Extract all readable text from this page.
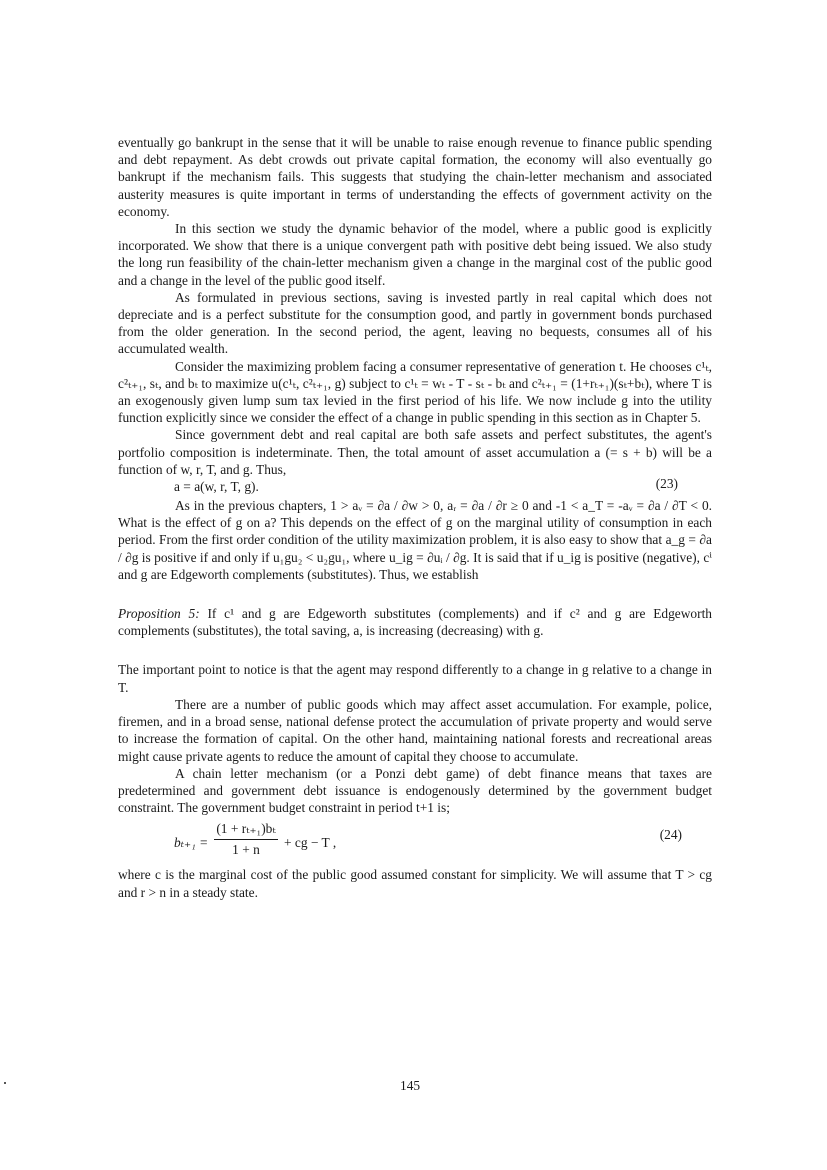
eventually go bankrupt in the sense that it will be unable to raise enough revenue to finance public spending and debt repayment. As debt crowds out private capital formation, the economy will also eventually go bankrupt if the mechanism fails. This suggests that studying the chain-letter mechanism and associated austerity measures is quite important in terms of understanding the effects of government activity on the economy.

In this section we study the dynamic behavior of the model, where a public good is explicitly incorporated. We show that there is a unique convergent path with positive debt being issued. We also study the long run feasibility of the chain-letter mechanism given a change in the marginal cost of the public good and a change in the level of the public good itself.

As formulated in previous sections, saving is invested partly in real capital which does not depreciate and is a perfect substitute for the consumption good, and partly in government bonds purchased from the older generation. In the second period, the agent, leaving no bequests, consumes all of his accumulated wealth.

Consider the maximizing problem facing a consumer representative of generation t. He chooses c¹ₜ, c²ₜ₊₁, sₜ, and bₜ to maximize u(c¹ₜ, c²ₜ₊₁, g) subject to c¹ₜ = wₜ - T - sₜ - bₜ and c²ₜ₊₁ = (1+rₜ₊₁)(sₜ+bₜ), where T is an exogenously given lump sum tax levied in the first period of his life. We now include g into the utility function explicitly since we consider the effect of a change in public spending in this section as in Chapter 5.

Since government debt and real capital are both safe assets and perfect substitutes, the agent's portfolio composition is indeterminate. Then, the total amount of asset accumulation a (= s + b) will be a function of w, r, T, and g. Thus,

a = a(w, r, T, g).	(23)

As in the previous chapters, 1 > aᵥ = ∂a / ∂w > 0, aᵣ = ∂a / ∂r ≥ 0 and -1 < a_T = -aᵥ = ∂a / ∂T < 0. What is the effect of g on a? This depends on the effect of g on the marginal utility of consumption in each period. From the first order condition of the utility maximization problem, it is also easy to show that a_g = ∂a / ∂g is positive if and only if u₁gu₂ < u₂gu₁, where u_ig = ∂uᵢ / ∂g. It is said that if u_ig is positive (negative), cⁱ and g are Edgeworth complements (substitutes). Thus, we establish

Proposition 5: If c¹ and g are Edgeworth substitutes (complements) and if c² and g are Edgeworth complements (substitutes), the total saving, a, is increasing (decreasing) with g.

The important point to notice is that the agent may respond differently to a change in g relative to a change in T.

There are a number of public goods which may affect asset accumulation. For example, police, firemen, and in a broad sense, national defense protect the accumulation of private property and would serve to increase the formation of capital. On the other hand, maintaining national forests and recreational areas might cause private agents to reduce the amount of capital they choose to accumulate.

A chain letter mechanism (or a Ponzi debt game) of debt finance means that taxes are predetermined and government debt issuance is endogenously determined by the government budget constraint. The government budget constraint in period t+1 is;

$b_{t+1} = \frac{\text{(1 + rₜ₊₁)bₜ}}{1 + n}$ + cg − T ,
(24)

where c is the marginal cost of the public good assumed constant for simplicity. We will assume that T > cg and r > n in a steady state.

145
